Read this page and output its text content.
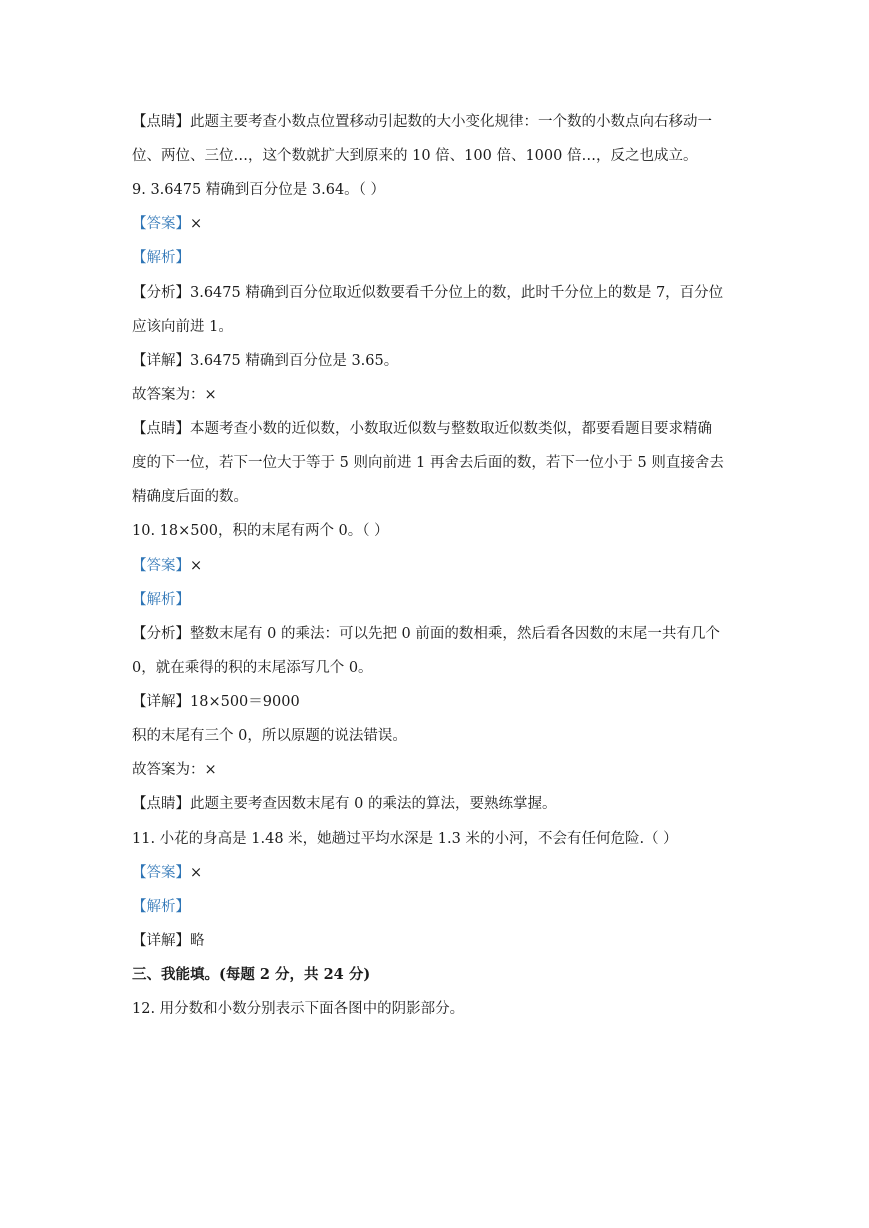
【点睛】此题主要考查小数点位置移动引起数的大小变化规律：一个数的小数点向右移动一
位、两位、三位…，这个数就扩大到原来的 10 倍、100 倍、1000 倍…，反之也成立。
9. 3.6475 精确到百分位是 3.64。（ ）
【答案】×
【解析】
【分析】3.6475 精确到百分位取近似数要看千分位上的数，此时千分位上的数是 7，百分位
应该向前进 1。
【详解】3.6475 精确到百分位是 3.65。
故答案为：×
【点睛】本题考查小数的近似数，小数取近似数与整数取近似数类似，都要看题目要求精确
度的下一位，若下一位大于等于 5 则向前进 1 再舍去后面的数，若下一位小于 5 则直接舍去
精确度后面的数。
10. 18×500，积的末尾有两个 0。（ ）
【答案】×
【解析】
【分析】整数末尾有 0 的乘法：可以先把 0 前面的数相乘，然后看各因数的末尾一共有几个
0，就在乘得的积的末尾添写几个 0。
【详解】18×500＝9000
积的末尾有三个 0，所以原题的说法错误。
故答案为：×
【点睛】此题主要考查因数末尾有 0 的乘法的算法，要熟练掌握。
11. 小花的身高是 1.48 米，她趟过平均水深是 1.3 米的小河，不会有任何危险.（ ）
【答案】×
【解析】
【详解】略
三、我能填。(每题 2 分，共 24 分)
12. 用分数和小数分别表示下面各图中的阴影部分。
